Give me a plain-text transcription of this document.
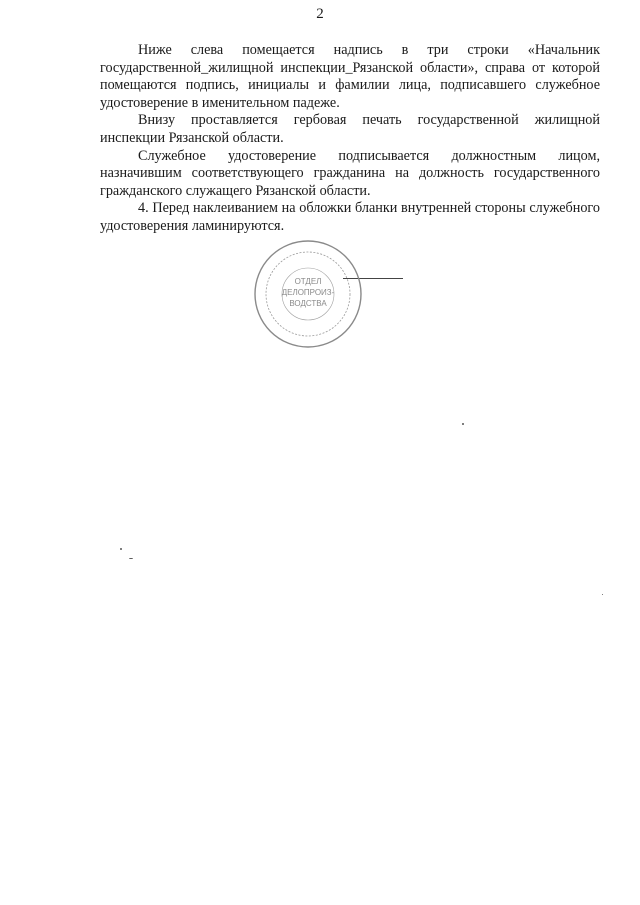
2

Ниже слева помещается надпись в три строки «Начальник государственной_жилищной инспекции_Рязанской области», справа от которой помещаются подпись, инициалы и фамилии лица, подписавшего служебное удостоверение в именительном падеже.

Внизу проставляется гербовая печать государственной жилищной инспекции Рязанской области.

Служебное удостоверение подписывается должностным лицом, назначившим соответствующего гражданина на должность государственного гражданского служащего Рязанской области.

4. Перед наклеиванием на обложки бланки внутренней стороны служебного удостоверения ламинируются.

ОТДЕЛ
ДЕЛОПРОИЗ-
ВОДСТВА
